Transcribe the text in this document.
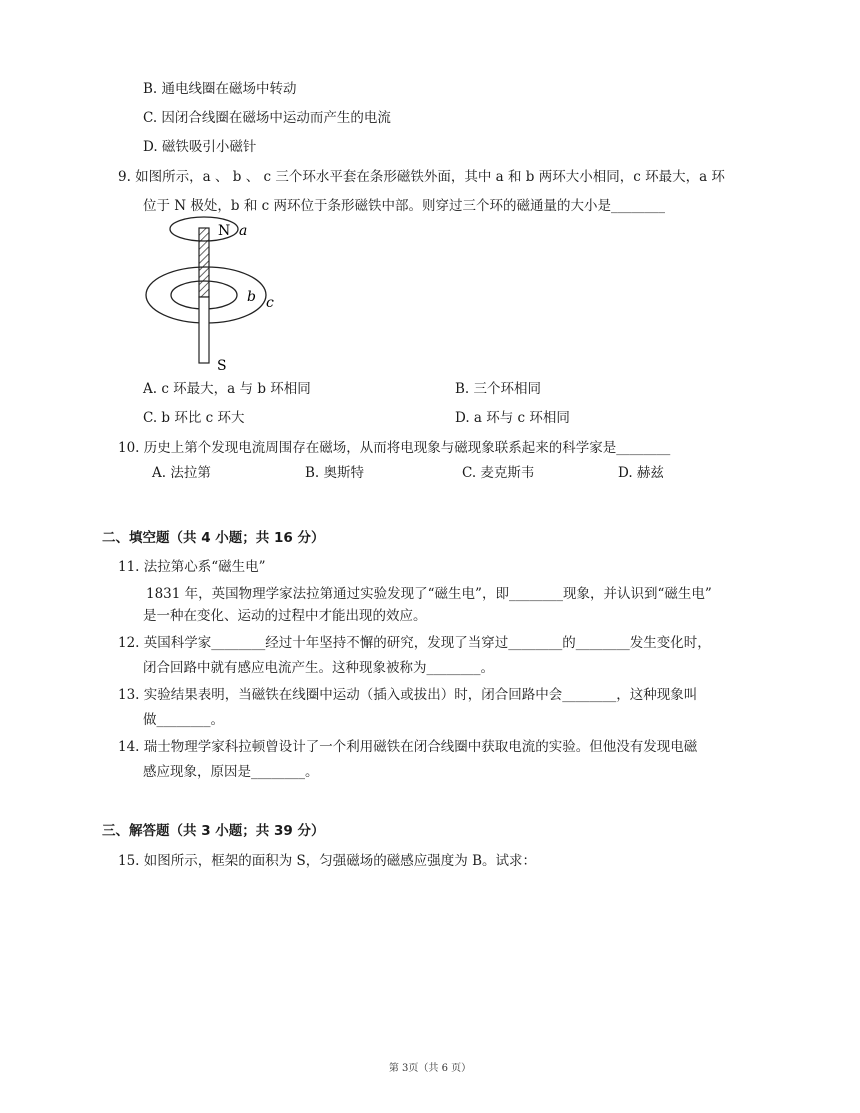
B. 通电线圈在磁场中转动
C. 因闭合线圈在磁场中运动而产生的电流
D. 磁铁吸引小磁针
9. 如图所示，a 、 b 、 c 三个环水平套在条形磁铁外面，其中 a 和 b 两环大小相同，c 环最大，a 环
位于 N 极处，b 和 c 两环位于条形磁铁中部。则穿过三个环的磁通量的大小是________
N a
b c
S
A. c 环最大，a 与 b 环相同	B. 三个环相同
C. b 环比 c 环大	D. a 环与 c 环相同
10. 历史上第个发现电流周围存在磁场，从而将电现象与磁现象联系起来的科学家是________
A. 法拉第	B. 奥斯特	C. 麦克斯韦	D. 赫兹
二、填空题（共 4 小题；共 16 分）
11. 法拉第心系“磁生电”
1831 年，英国物理学家法拉第通过实验发现了“磁生电”，即________现象，并认识到“磁生电”
是一种在变化、运动的过程中才能出现的效应。
12. 英国科学家________经过十年坚持不懈的研究，发现了当穿过________的________发生变化时，
闭合回路中就有感应电流产生。这种现象被称为________。
13. 实验结果表明，当磁铁在线圈中运动（插入或拔出）时，闭合回路中会________，这种现象叫
做________。
14. 瑞士物理学家科拉顿曾设计了一个利用磁铁在闭合线圈中获取电流的实验。但他没有发现电磁
感应现象，原因是________。
三、解答题（共 3 小题；共 39 分）
15. 如图所示，框架的面积为 S，匀强磁场的磁感应强度为 B。试求：
第 3页（共 6 页）
